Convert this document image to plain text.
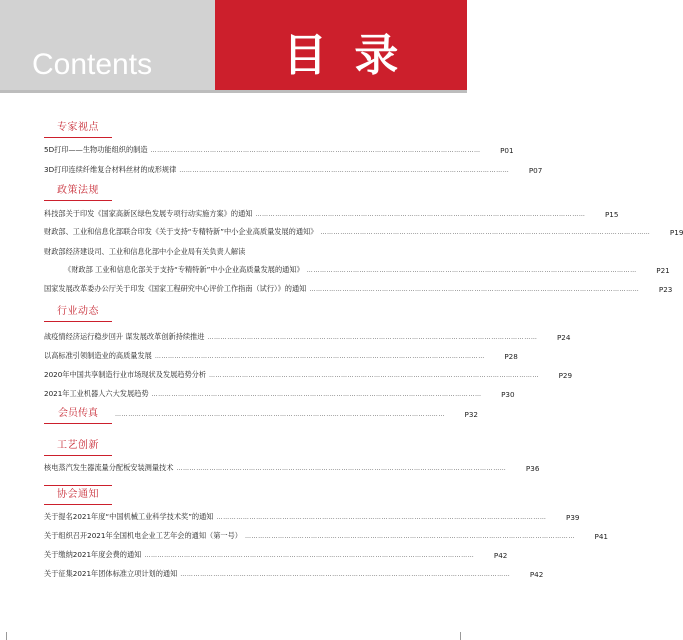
Contents	目 录
专家视点
5D打印——生物功能组织的制造 ……………………………………………………………………………………………………………………………………	P01
3D打印连续纤维复合材料丝材的成形规律 ……………………………………………………………………………………………………………………………………	P07
政策法规
科技部关于印发《国家高新区绿色发展专项行动实施方案》的通知 ……………………………………………………………………………………………………………………………………	P15
财政部、工业和信息化部联合印发《关于支持“专精特新”中小企业高质量发展的通知》 ……………………………………………………………………………………………………………………………………	P19
财政部经济建设司、工业和信息化部中小企业局有关负责人解读
《财政部 工业和信息化部关于支持“专精特新”中小企业高质量发展的通知》 ……………………………………………………………………………………………………………………………………	P21
国家发展改革委办公厅关于印发《国家工程研究中心评价工作指南（试行）》的通知 ……………………………………………………………………………………………………………………………………	P23
行业动态
战疫情经济运行稳步回升 谋发展改革创新持续推进 ……………………………………………………………………………………………………………………………………	P24
以高标准引领制造业的高质量发展 ……………………………………………………………………………………………………………………………………	P28
2020年中国共享制造行业市场现状及发展趋势分析 ……………………………………………………………………………………………………………………………………	P29
2021年工业机器人六大发展趋势 ……………………………………………………………………………………………………………………………………	P30
会员传真	……………………………………………………………………………………………………………………………………	P32
工艺创新
核电蒸汽发生器流量分配板安装测量技术 ……………………………………………………………………………………………………………………………………	P36
协会通知
关于提名2021年度“中国机械工业科学技术奖”的通知 ……………………………………………………………………………………………………………………………………	P39
关于组织召开2021年全国机电企业工艺年会的通知（第一号） ……………………………………………………………………………………………………………………………………	P41
关于缴纳2021年度会费的通知 ……………………………………………………………………………………………………………………………………	P42
关于征集2021年团体标准立项计划的通知 ……………………………………………………………………………………………………………………………………	P42
